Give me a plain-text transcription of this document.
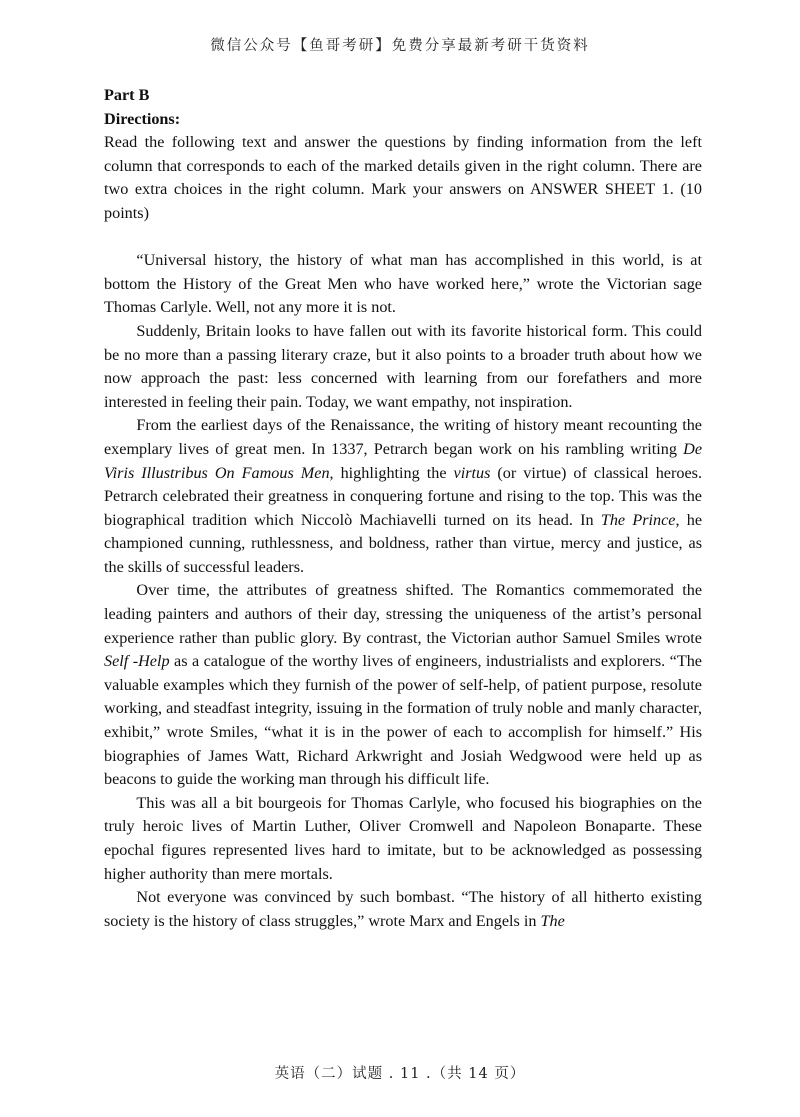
微信公众号【鱼哥考研】免费分享最新考研干货资料

Part B

Directions:

Read the following text and answer the questions by finding information from the left column that corresponds to each of the marked details given in the right column. There are two extra choices in the right column. Mark your answers on ANSWER SHEET 1. (10 points)

“Universal history, the history of what man has accomplished in this world, is at bottom the History of the Great Men who have worked here,” wrote the Victorian sage Thomas Carlyle. Well, not any more it is not.

Suddenly, Britain looks to have fallen out with its favorite historical form. This could be no more than a passing literary craze, but it also points to a broader truth about how we now approach the past: less concerned with learning from our forefathers and more interested in feeling their pain. Today, we want empathy, not inspiration.

From the earliest days of the Renaissance, the writing of history meant recounting the exemplary lives of great men. In 1337, Petrarch began work on his rambling writing De Viris Illustribus On Famous Men, highlighting the virtus (or virtue) of classical heroes. Petrarch celebrated their greatness in conquering fortune and rising to the top. This was the biographical tradition which Niccolò Machiavelli turned on its head. In The Prince, he championed cunning, ruthlessness, and boldness, rather than virtue, mercy and justice, as the skills of successful leaders.

Over time, the attributes of greatness shifted. The Romantics commemorated the leading painters and authors of their day, stressing the uniqueness of the artist’s personal experience rather than public glory. By contrast, the Victorian author Samuel Smiles wrote Self -Help as a catalogue of the worthy lives of engineers, industrialists and explorers. “The valuable examples which they furnish of the power of self-help, of patient purpose, resolute working, and steadfast integrity, issuing in the formation of truly noble and manly character, exhibit,” wrote Smiles, “what it is in the power of each to accomplish for himself.” His biographies of James Watt, Richard Arkwright and Josiah Wedgwood were held up as beacons to guide the working man through his difficult life.

This was all a bit bourgeois for Thomas Carlyle, who focused his biographies on the truly heroic lives of Martin Luther, Oliver Cromwell and Napoleon Bonaparte. These epochal figures represented lives hard to imitate, but to be acknowledged as possessing higher authority than mere mortals.

Not everyone was convinced by such bombast. “The history of all hitherto existing society is the history of class struggles,” wrote Marx and Engels in The

英语（二）试题 . 11 .（共 14 页）
